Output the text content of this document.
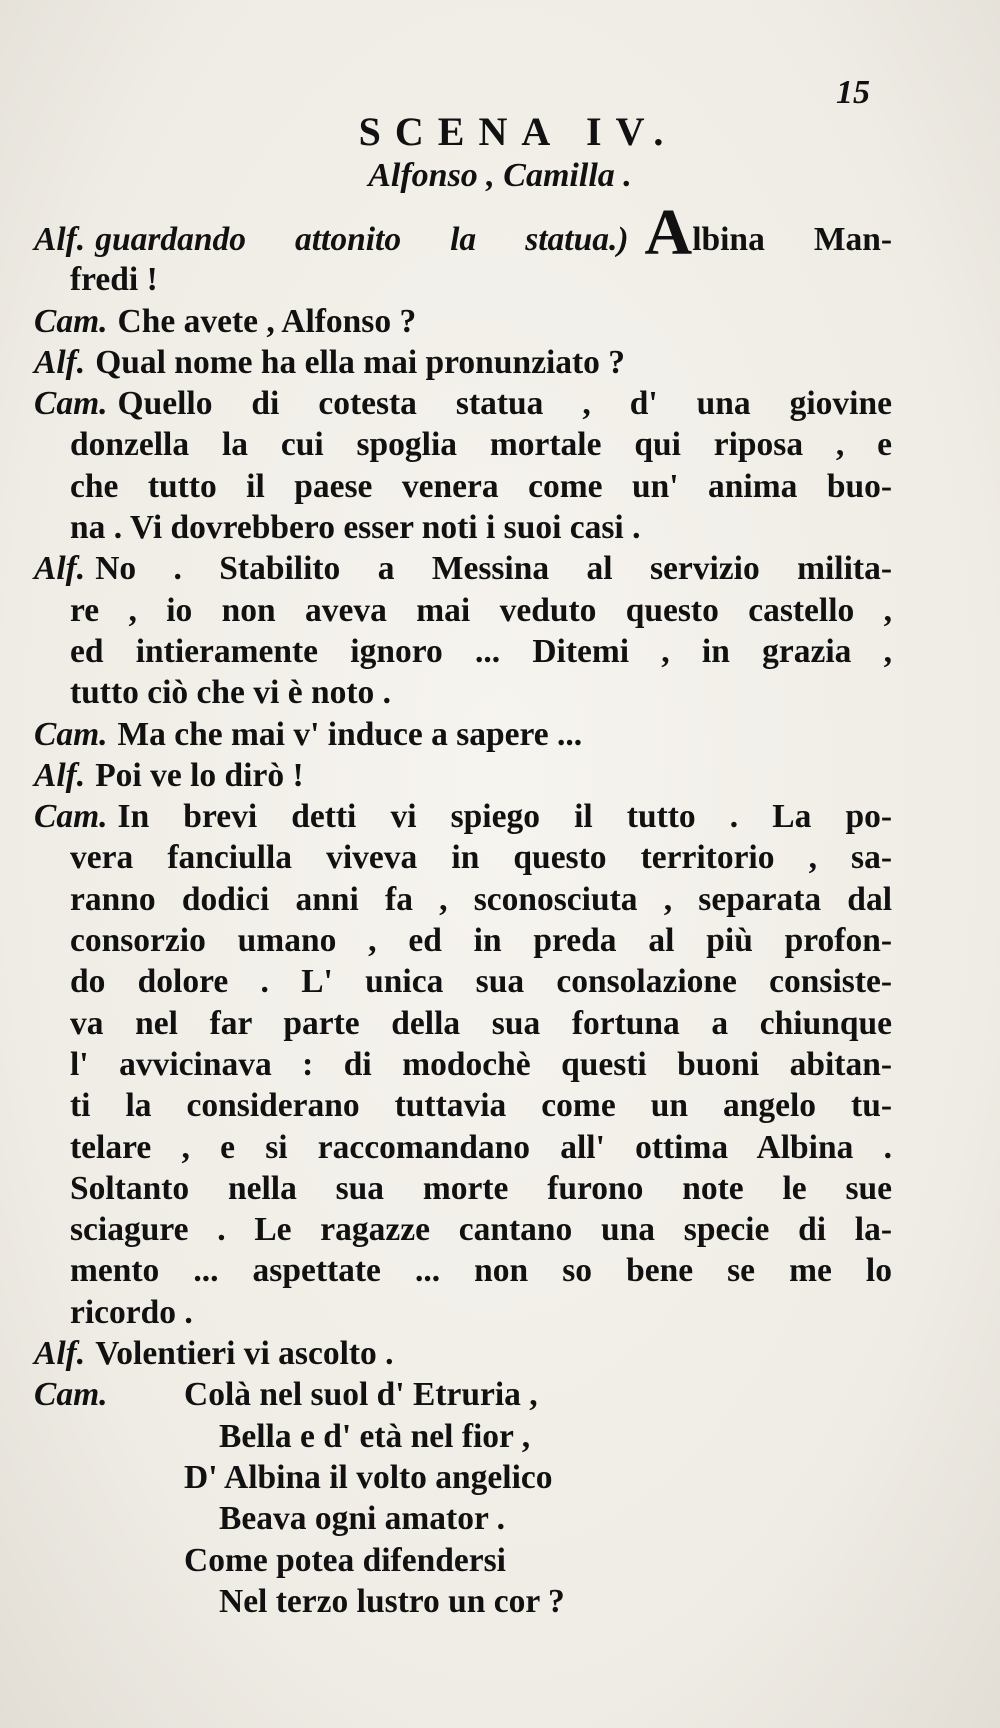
15
SCENA IV.
Alfonso , Camilla .
Alf. guardando attonito la statua.) Albina Man-
fredi !
Cam. Che avete , Alfonso ?
Alf. Qual nome ha ella mai pronunziato ?
Cam. Quello di cotesta statua , d' una giovine
donzella la cui spoglia mortale qui riposa , e
che tutto il paese venera come un' anima buo-
na . Vi dovrebbero esser noti i suoi casi .
Alf. No . Stabilito a Messina al servizio milita-
re , io non aveva mai veduto questo castello ,
ed intieramente ignoro ... Ditemi , in grazia ,
tutto ciò che vi è noto .
Cam. Ma che mai v' induce a sapere ...
Alf. Poi ve lo dirò !
Cam. In brevi detti vi spiego il tutto . La po-
vera fanciulla viveva in questo territorio , sa-
ranno dodici anni fa , sconosciuta , separata dal
consorzio umano , ed in preda al più profon-
do dolore . L' unica sua consolazione consiste-
va nel far parte della sua fortuna a chiunque
l' avvicinava : di modochè questi buoni abitan-
ti la considerano tuttavia come un angelo tu-
telare , e si raccomandano all' ottima Albina .
Soltanto nella sua morte furono note le sue
sciagure . Le ragazze cantano una specie di la-
mento ... aspettate ... non so bene se me lo
ricordo .
Alf. Volentieri vi ascolto .
Cam. Colà nel suol d' Etruria ,
Bella e d' età nel fior ,
D' Albina il volto angelico
Beava ogni amator .
Come potea difendersi
Nel terzo lustro un cor ?
